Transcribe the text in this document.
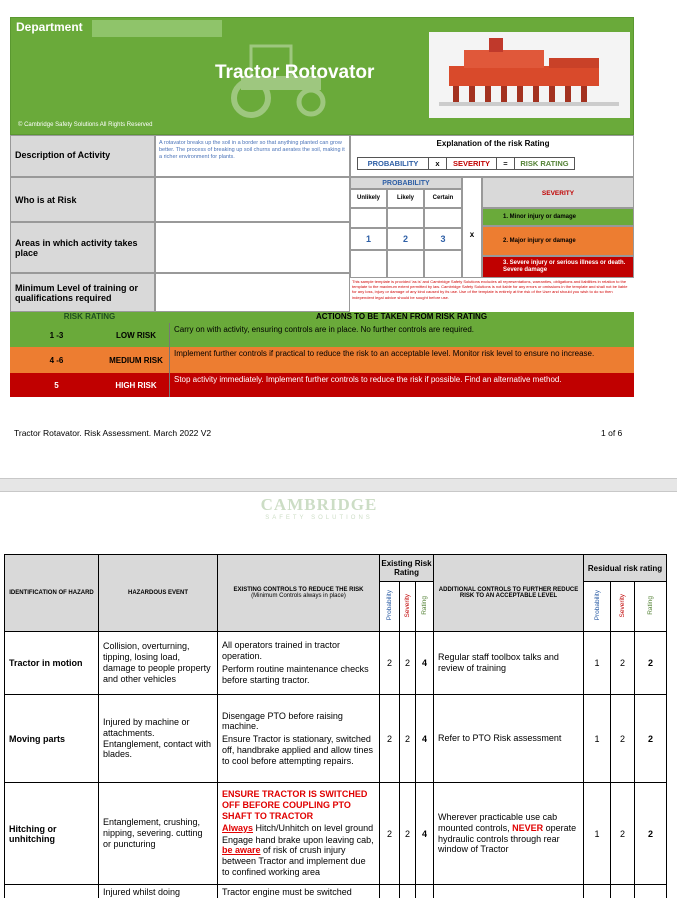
Department
Tractor Rotovator
© Cambridge Safety Solutions All Rights Reserved
Description of Activity
A rotavator breaks up the soil in a border so that anything planted can grow better. The process of breaking up soil churns and aerates the soil, making it a richer environment for plants.
Explanation of the risk Rating
PROBABILITY	x	SEVERITY	=	RISK RATING
Who is at Risk
Areas in which activity takes place
Minimum Level of training or qualifications required
PROBABILITY
Unlikely	Likely	Certain
1	2	3	x
SEVERITY
1. Minor injury or damage
2. Major injury or damage
3. Severe injury or serious illness or death. Severe damage
This sample template is provided 'as is' and Cambridge Safety Solutions excludes all representations, warranties, obligations and liabilities in relation to the template to the maximum extent permitted by law. Cambridge Safety Solutions is not liable for any errors or omissions in the template and shall not be liable for any loss, injury or damage of any kind caused by its use. Use of the template is entirely at the risk of the User and should you wish to do so then independent legal advice should be sought before use.
RISK RATING	ACTIONS TO BE TAKEN FROM RISK RATING
1 -3	LOW RISK
Carry on with activity, ensuring controls are in place. No further controls are required.
4 -6	MEDIUM RISK
Implement further controls if practical to reduce the risk to an acceptable level. Monitor risk level to ensure no increase.
5	HIGH RISK
Stop activity immediately. Implement further controls to reduce the risk if possible. Find an alternative method.
Tractor Rotavator. Risk Assessment. March 2022 V2	1 of 6
CAMBRIDGE
SAFETY SOLUTIONS
IDENTIFICATION OF HAZARD	HAZARDOUS EVENT	EXISTING CONTROLS TO REDUCE THE RISK
(Minimum Controls always in place)	Existing Risk Rating			ADDITIONAL CONTROLS TO FURTHER REDUCE RISK TO AN ACCEPTABLE LEVEL	Residual risk rating		
			Probability	Severity	Rating		Probability	Severity	Rating
Tractor in motion	Collision, overturning, tipping, losing load, damage to people property and other vehicles	All operators trained in tractor operation.
Perform routine maintenance checks before starting tractor.	2	2	4	Regular staff toolbox talks and review of training	1	2	2
Moving parts	Injured by machine or attachments. Entanglement, contact with blades.	Disengage PTO before raising machine.
Ensure Tractor is stationary, switched off, handbrake applied and allow tines to cool before attempting repairs.	2	2	4	Refer to PTO Risk assessment	1	2	2
Hitching or unhitching	Entanglement, crushing, nipping, severing. cutting or puncturing	ENSURE TRACTOR IS SWITCHED OFF BEFORE COUPLING PTO SHAFT TO TRACTOR
Always Hitch/Unhitch on level ground
Engage hand brake upon leaving cab,
be aware of risk of crush injury between Tractor and implement due to confined working area	2	2	4	Wherever practicable use cab mounted controls, NEVER operate hydraulic controls through rear window of Tractor	1	2	2
	Injured whilst doing	Tractor engine must be switched							
